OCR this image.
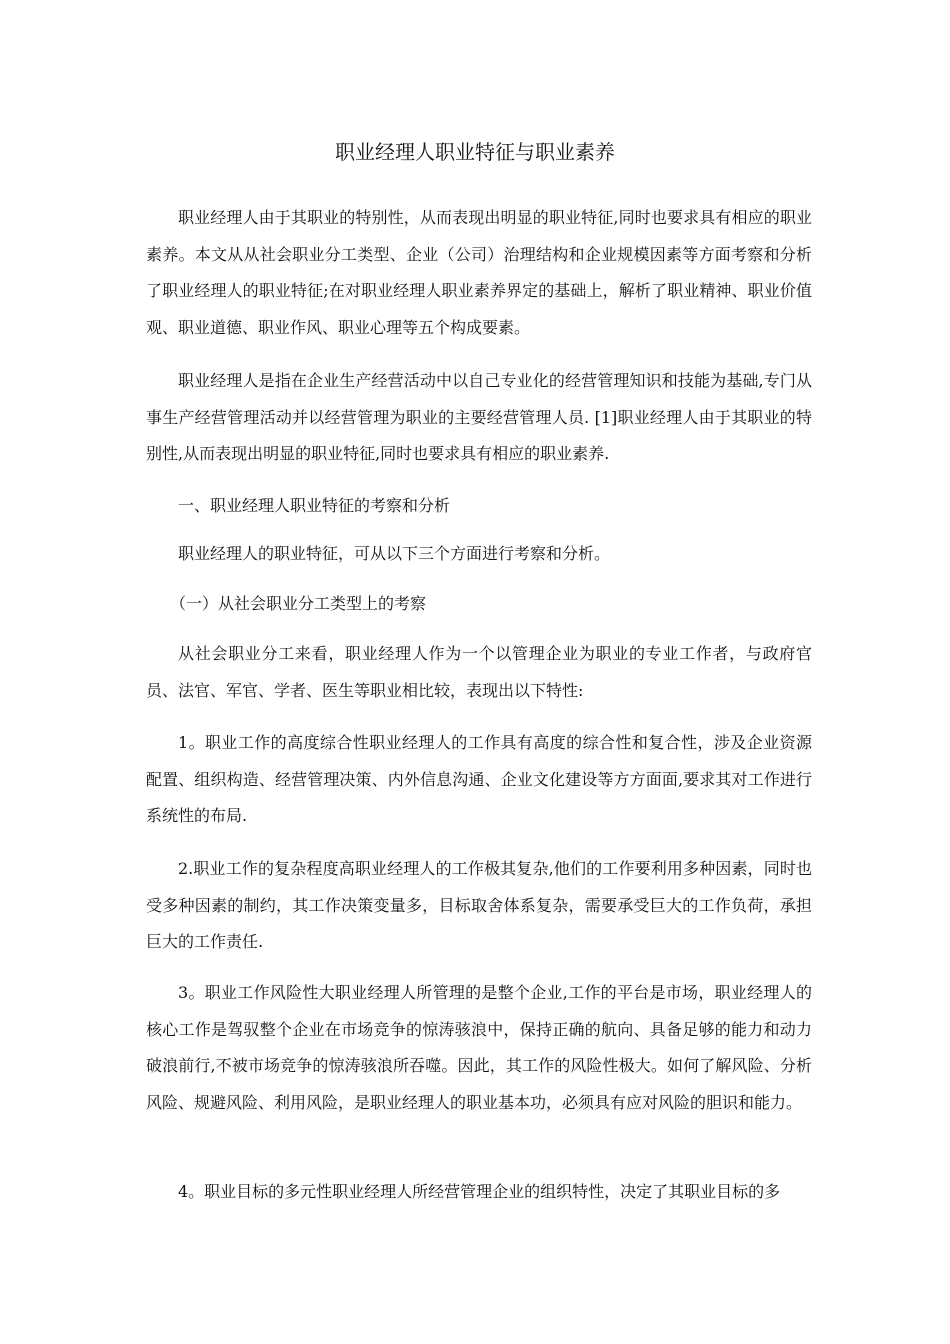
职业经理人职业特征与职业素养

职业经理人由于其职业的特别性，从而表现出明显的职业特征,同时也要求具有相应的职业素养。本文从从社会职业分工类型、企业（公司）治理结构和企业规模因素等方面考察和分析了职业经理人的职业特征;在对职业经理人职业素养界定的基础上，解析了职业精神、职业价值观、职业道德、职业作风、职业心理等五个构成要素。

职业经理人是指在企业生产经营活动中以自己专业化的经营管理知识和技能为基础,专门从事生产经营管理活动并以经营管理为职业的主要经营管理人员. [1]职业经理人由于其职业的特别性,从而表现出明显的职业特征,同时也要求具有相应的职业素养.

一、职业经理人职业特征的考察和分析

职业经理人的职业特征，可从以下三个方面进行考察和分析。

（一）从社会职业分工类型上的考察

从社会职业分工来看，职业经理人作为一个以管理企业为职业的专业工作者，与政府官员、法官、军官、学者、医生等职业相比较，表现出以下特性:

1。职业工作的高度综合性职业经理人的工作具有高度的综合性和复合性，涉及企业资源配置、组织构造、经营管理决策、内外信息沟通、企业文化建设等方方面面,要求其对工作进行系统性的布局.

2.职业工作的复杂程度高职业经理人的工作极其复杂,他们的工作要利用多种因素，同时也受多种因素的制约，其工作决策变量多，目标取舍体系复杂，需要承受巨大的工作负荷，承担巨大的工作责任.

3。职业工作风险性大职业经理人所管理的是整个企业,工作的平台是市场，职业经理人的核心工作是驾驭整个企业在市场竞争的惊涛骇浪中，保持正确的航向、具备足够的能力和动力破浪前行,不被市场竞争的惊涛骇浪所吞噬。因此，其工作的风险性极大。如何了解风险、分析风险、规避风险、利用风险，是职业经理人的职业基本功，必须具有应对风险的胆识和能力。

4。职业目标的多元性职业经理人所经营管理企业的组织特性，决定了其职业目标的多
